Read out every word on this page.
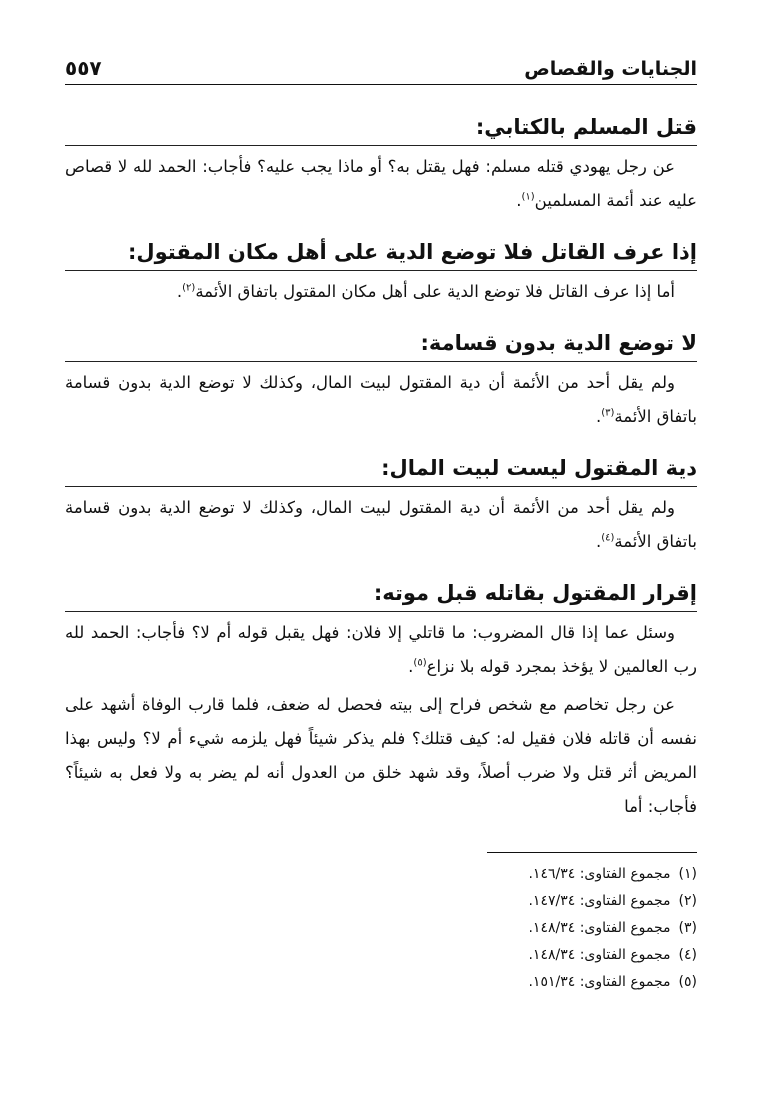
الجنايات والقصاص
٥٥٧
قتل المسلم بالكتابي:

عن رجل يهودي قتله مسلم: فهل يقتل به؟ أو ماذا يجب عليه؟ فأجاب: الحمد لله لا قصاص عليه عند أئمة المسلمين$^{(١)}$.

إذا عرف القاتل فلا توضع الدية على أهل مكان المقتول:

أما إذا عرف القاتل فلا توضع الدية على أهل مكان المقتول باتفاق الأئمة$^{(٢)}$.

لا توضع الدية بدون قسامة:

ولم يقل أحد من الأئمة أن دية المقتول لبيت المال، وكذلك لا توضع الدية بدون قسامة باتفاق الأئمة$^{(٣)}$.

دية المقتول ليست لبيت المال:

ولم يقل أحد من الأئمة أن دية المقتول لبيت المال، وكذلك لا توضع الدية بدون قسامة باتفاق الأئمة$^{(٤)}$.

إقرار المقتول بقاتله قبل موته:

وسئل عما إذا قال المضروب: ما قاتلي إلا فلان: فهل يقبل قوله أم لا؟ فأجاب: الحمد لله رب العالمين لا يؤخذ بمجرد قوله بلا نزاع$^{(٥)}$.

عن رجل تخاصم مع شخص فراح إلى بيته فحصل له ضعف، فلما قارب الوفاة أشهد على نفسه أن قاتله فلان فقيل له: كيف قتلك؟ فلم يذكر شيئاً فهل يلزمه شيء أم لا؟ وليس بهذا المريض أثر قتل ولا ضرب أصلاً، وقد شهد خلق من العدول أنه لم يضر به ولا فعل به شيئاً؟ فأجاب: أما

(١)مجموع الفتاوى: ١٤٦/٣٤.
(٢)مجموع الفتاوى: ١٤٧/٣٤.
(٣)مجموع الفتاوى: ١٤٨/٣٤.
(٤)مجموع الفتاوى: ١٤٨/٣٤.
(٥)مجموع الفتاوى: ١٥١/٣٤.
